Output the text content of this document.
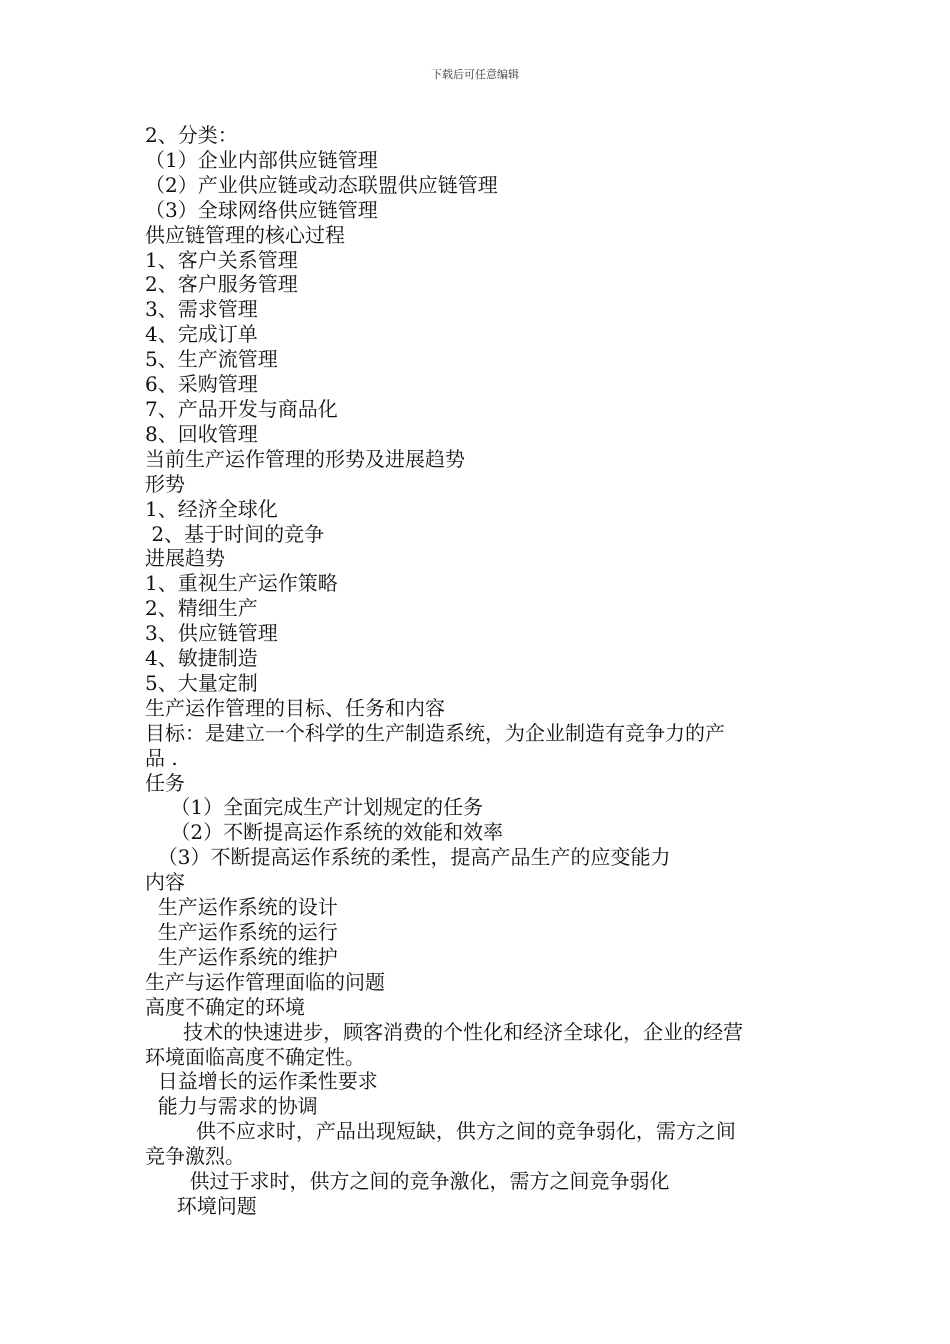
下载后可任意编辑

2、分类：

（1）企业内部供应链管理

（2）产业供应链或动态联盟供应链管理

（3）全球网络供应链管理

供应链管理的核心过程

1、客户关系管理

2、客户服务管理

3、需求管理

4、完成订单

5、生产流管理

6、采购管理

7、产品开发与商品化

8、回收管理

当前生产运作管理的形势及进展趋势

形势

1、经济全球化

2、基于时间的竞争

进展趋势

1、重视生产运作策略

2、精细生产

3、供应链管理

4、敏捷制造

5、大量定制

生产运作管理的目标、任务和内容

目标：是建立一个科学的生产制造系统，为企业制造有竞争力的产

品 .

任务

（1）全面完成生产计划规定的任务

（2）不断提高运作系统的效能和效率

（3）不断提高运作系统的柔性，提高产品生产的应变能力

内容

生产运作系统的设计

生产运作系统的运行

生产运作系统的维护

生产与运作管理面临的问题

高度不确定的环境

技术的快速进步，顾客消费的个性化和经济全球化，企业的经营

环境面临高度不确定性。

日益增长的运作柔性要求

能力与需求的协调

供不应求时，产品出现短缺，供方之间的竞争弱化，需方之间

竞争激烈。

供过于求时，供方之间的竞争激化，需方之间竞争弱化

环境问题
